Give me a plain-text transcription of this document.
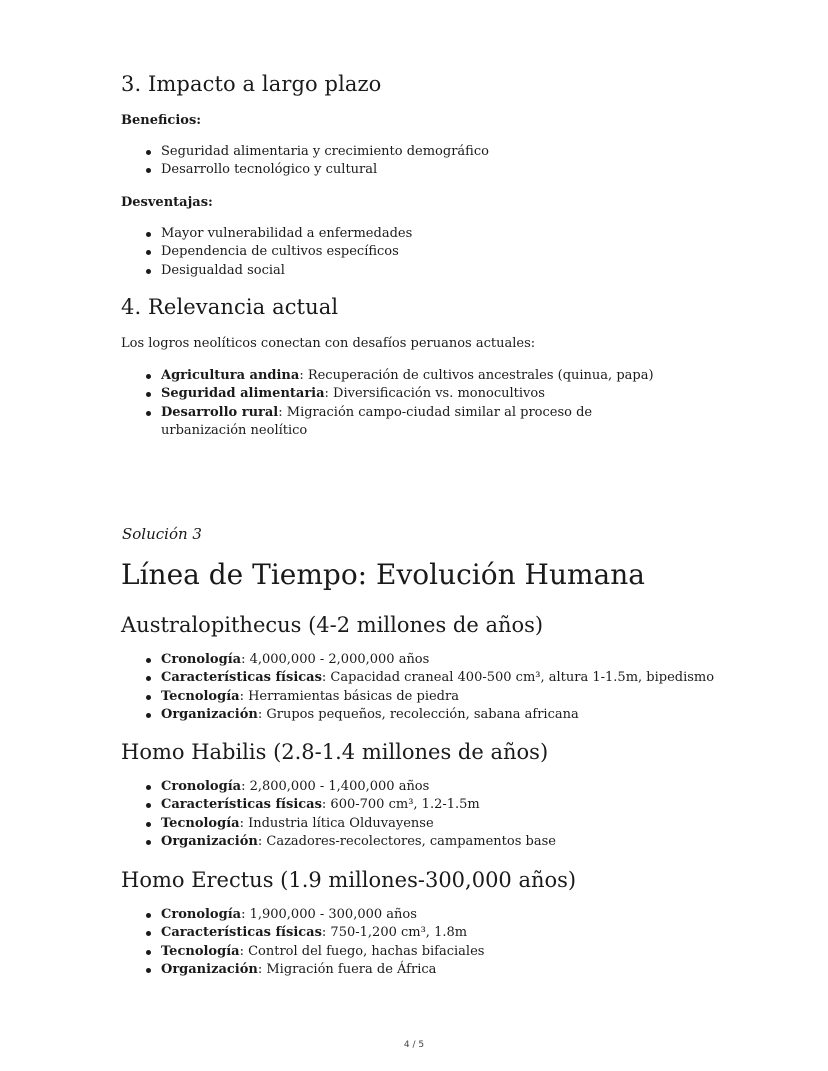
3. Impacto a largo plazo

Beneficios:

Seguridad alimentaria y crecimiento demográfico
Desarrollo tecnológico y cultural

Desventajas:

Mayor vulnerabilidad a enfermedades
Dependencia de cultivos específicos
Desigualdad social
4. Relevancia actual

Los logros neolíticos conectan con desafíos peruanos actuales:

Agricultura andina: Recuperación de cultivos ancestrales (quinua, papa)
Seguridad alimentaria: Diversificación vs. monocultivos
Desarrollo rural: Migración campo-ciudad similar al proceso de urbanización neolítico

Solución 3

Línea de Tiempo: Evolución Humana
Australopithecus (4-2 millones de años)
Cronología: 4,000,000 - 2,000,000 años
Características físicas: Capacidad craneal 400-500 cm³, altura 1-1.5m, bipedismo
Tecnología: Herramientas básicas de piedra
Organización: Grupos pequeños, recolección, sabana africana
Homo Habilis (2.8-1.4 millones de años)
Cronología: 2,800,000 - 1,400,000 años
Características físicas: 600-700 cm³, 1.2-1.5m
Tecnología: Industria lítica Olduvayense
Organización: Cazadores-recolectores, campamentos base
Homo Erectus (1.9 millones-300,000 años)
Cronología: 1,900,000 - 300,000 años
Características físicas: 750-1,200 cm³, 1.8m
Tecnología: Control del fuego, hachas bifaciales
Organización: Migración fuera de África
4 / 5
